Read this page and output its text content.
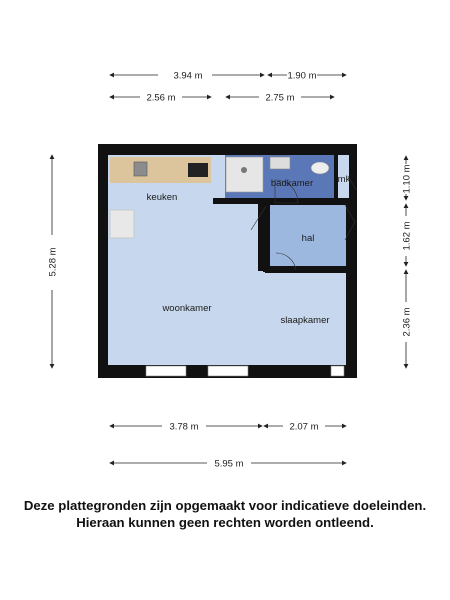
3.94 m	1.90 m
2.56 m	2.75 m
5.28 m
1.10 m
1.62 m
2.36 m
keuken
badkamer	mk
hal
woonkamer
slaapkamer
3.78 m	2.07 m
5.95 m
Deze plattegronden zijn opgemaakt voor indicatieve doeleinden.
Hieraan kunnen geen rechten worden ontleend.
